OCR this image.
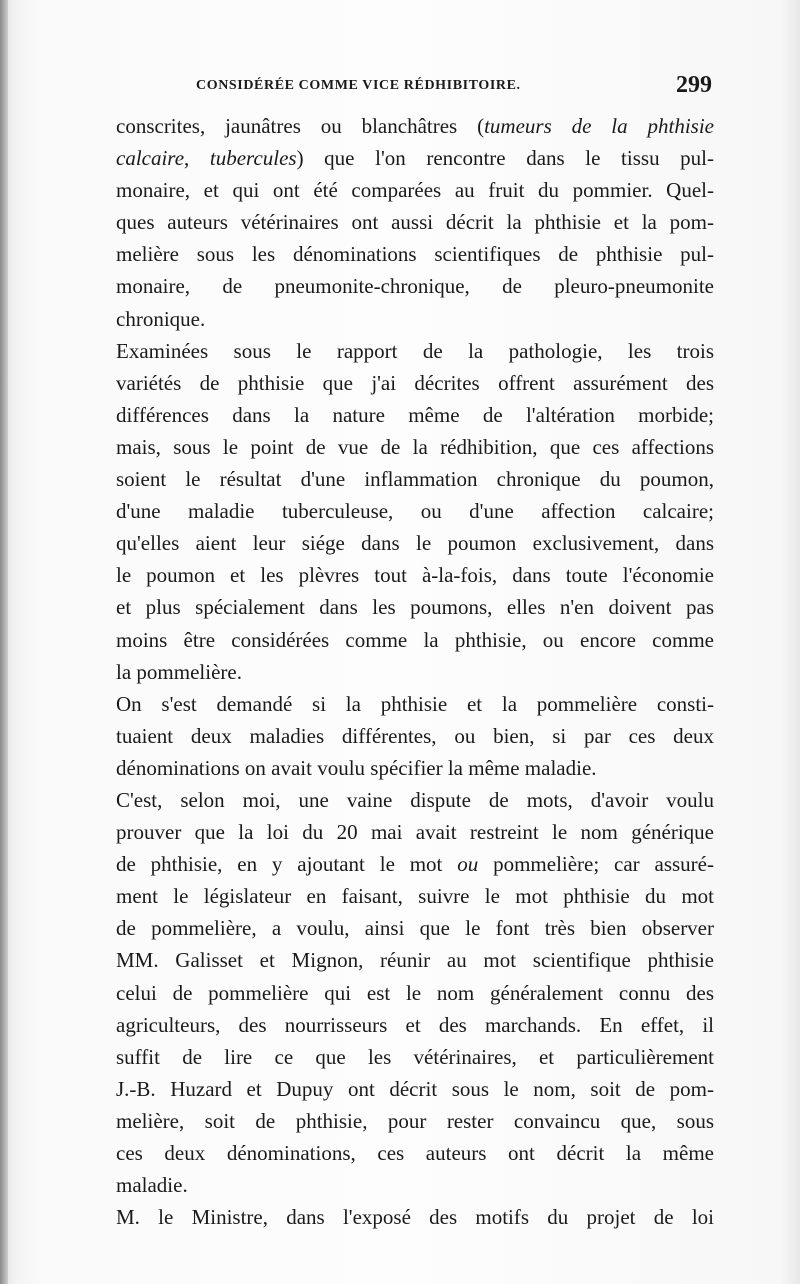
CONSIDÉRÉE COMME VICE RÉDHIBITOIRE.	299
conscrites, jaunâtres ou blanchâtres (tumeurs de la phthisie
calcaire, tubercules) que l'on rencontre dans le tissu pul-
monaire, et qui ont été comparées au fruit du pommier. Quel-
ques auteurs vétérinaires ont aussi décrit la phthisie et la pom-
melière sous les dénominations scientifiques de phthisie pul-
monaire, de pneumonite-chronique, de pleuro-pneumonite
chronique.
Examinées sous le rapport de la pathologie, les trois
variétés de phthisie que j'ai décrites offrent assurément des
différences dans la nature même de l'altération morbide;
mais, sous le point de vue de la rédhibition, que ces affections
soient le résultat d'une inflammation chronique du poumon,
d'une maladie tuberculeuse, ou d'une affection calcaire;
qu'elles aient leur siége dans le poumon exclusivement, dans
le poumon et les plèvres tout à-la-fois, dans toute l'économie
et plus spécialement dans les poumons, elles n'en doivent pas
moins être considérées comme la phthisie, ou encore comme
la pommelière.
On s'est demandé si la phthisie et la pommelière consti-
tuaient deux maladies différentes, ou bien, si par ces deux
dénominations on avait voulu spécifier la même maladie.
C'est, selon moi, une vaine dispute de mots, d'avoir voulu
prouver que la loi du 20 mai avait restreint le nom générique
de phthisie, en y ajoutant le mot ou pommelière; car assuré-
ment le législateur en faisant, suivre le mot phthisie du mot
de pommelière, a voulu, ainsi que le font très bien observer
MM. Galisset et Mignon, réunir au mot scientifique phthisie
celui de pommelière qui est le nom généralement connu des
agriculteurs, des nourrisseurs et des marchands. En effet, il
suffit de lire ce que les vétérinaires, et particulièrement
J.-B. Huzard et Dupuy ont décrit sous le nom, soit de pom-
melière, soit de phthisie, pour rester convaincu que, sous
ces deux dénominations, ces auteurs ont décrit la même
maladie.
M. le Ministre, dans l'exposé des motifs du projet de loi
